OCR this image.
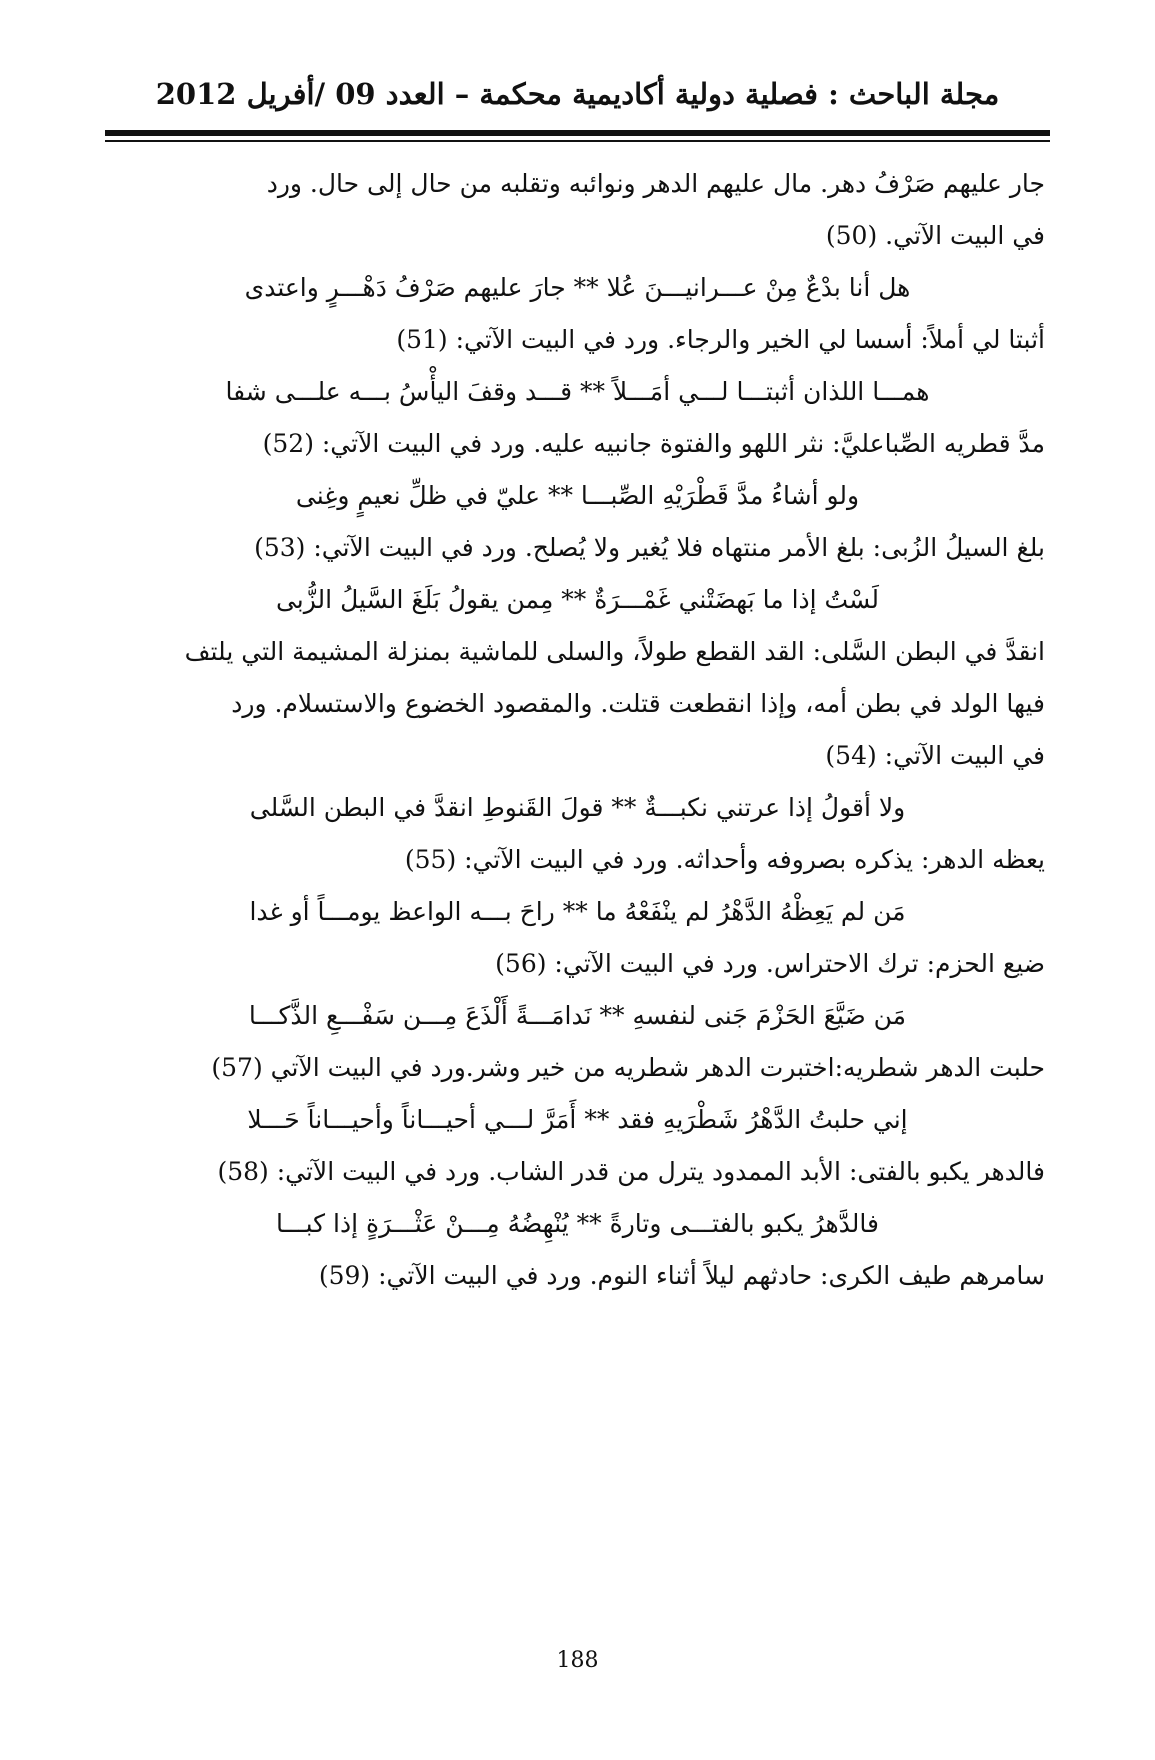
مجلة الباحث : فصلية دولية أكاديمية محكمة – العدد 09 /أفريل 2012
جار عليهم صَرْفُ دهر. مال عليهم الدهر ونوائبه وتقلبه من حال إلى حال. ورد
في البيت الآتي. (50)
هل أنا بدْعٌ مِنْ عـــرانيـــنَ عُلا ** جارَ عليهم صَرْفُ دَهْـــرٍ واعتدى
أثبتا لي أملاً: أسسا لي الخير والرجاء. ورد في البيت الآتي: (51)
همـــا اللذان أثبتـــا لـــي أمَـــلاً ** قـــد وقفَ اليأْسُ بـــه علـــى شفا
مدَّ قطريه الصِّباعليَّ: نثر اللهو والفتوة جانبيه عليه. ورد في البيت الآتي: (52)
ولو أشاءُ مدَّ قَطْرَيْهِ الصِّبـــا ** عليّ في ظلِّ نعيمٍ وغِنى
بلغ السيلُ الزُبى: بلغ الأمر منتهاه فلا يُغير ولا يُصلح. ورد في البيت الآتي: (53)
لَسْتُ إذا ما بَهضَتْني غَمْـــرَةٌ ** مِمن يقولُ بَلَغَ السَّيلُ الزُّبى
انقدَّ في البطن السَّلى: القد القطع طولاً، والسلى للماشية بمنزلة المشيمة التي يلتف
فيها الولد في بطن أمه، وإذا انقطعت قتلت. والمقصود الخضوع والاستسلام. ورد
في البيت الآتي: (54)
ولا أقولُ إذا عرتني نكبـــةٌ ** قولَ القَنوطِ انقدَّ في البطن السَّلى
يعظه الدهر: يذكره بصروفه وأحداثه. ورد في البيت الآتي: (55)
مَن لم يَعِظْهُ الدَّهْرُ لم ينْفَعْهُ ما ** راحَ بـــه الواعظ يومـــاً أو غدا
ضيع الحزم: ترك الاحتراس. ورد في البيت الآتي: (56)
مَن ضَيَّعَ الحَزْمَ جَنى لنفسهِ ** نَدامَـــةً أَلْذَعَ مِـــن سَفْـــعِ الذَّكـــا
حلبت الدهر شطريه:اختبرت الدهر شطريه من خير وشر.ورد في البيت الآتي (57)
إني حلبتُ الدَّهْرُ شَطْرَيهِ فقد ** أَمَرَّ لـــي أحيـــاناً وأحيـــاناً حَـــلا
فالدهر يكبو بالفتى: الأبد الممدود يترل من قدر الشاب. ورد في البيت الآتي: (58)
فالدَّهرُ يكبو بالفتـــى وتارةً ** يُنْهِضُهُ مِـــنْ عَثْـــرَةٍ إذا كبـــا
سامرهم طيف الكرى: حادثهم ليلاً أثناء النوم. ورد في البيت الآتي: (59)
188
